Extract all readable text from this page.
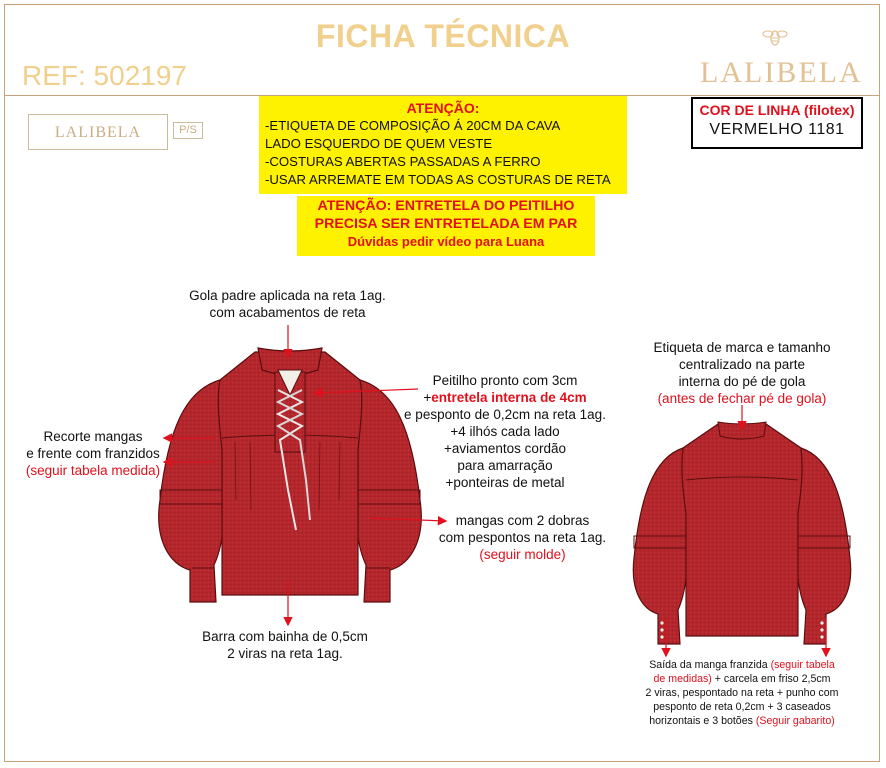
FICHA TÉCNICA
REF: 502197	LALIBELA
LALIBELA	P/S
ATENÇÃO:
-ETIQUETA DE COMPOSIÇÃO Á 20CM DA CAVA
LADO ESQUERDO DE QUEM VESTE
-COSTURAS ABERTAS PASSADAS A FERRO
-USAR ARREMATE EM TODAS AS COSTURAS DE RETA
ATENÇÃO: ENTRETELA DO PEITILHO
PRECISA SER ENTRETELADA EM PAR
Dúvidas pedir vídeo para Luana
COR DE LINHA (filotex)
VERMELHO 1181
Gola padre aplicada na reta 1ag.
com acabamentos de reta
Peitilho pronto com 3cm
+entretela interna de 4cm
e pesponto de 0,2cm na reta 1ag.
+4 ilhós cada lado
+aviamentos cordão
para amarração
+ponteiras de metal
Recorte mangas
e frente com franzidos
(seguir tabela medida)
mangas com 2 dobras
com pespontos na reta 1ag.
(seguir molde)
Barra com bainha de 0,5cm
2 viras na reta 1ag.
Etiqueta de marca e tamanho
centralizado na parte
interna do pé de gola
(antes de fechar pé de gola)
Saída da manga franzida (seguir tabela
de medidas) + carcela em friso 2,5cm
2 viras, pespontado na reta + punho com
pesponto de reta 0,2cm + 3 caseados
horizontais e 3 botões (Seguir gabarito)
